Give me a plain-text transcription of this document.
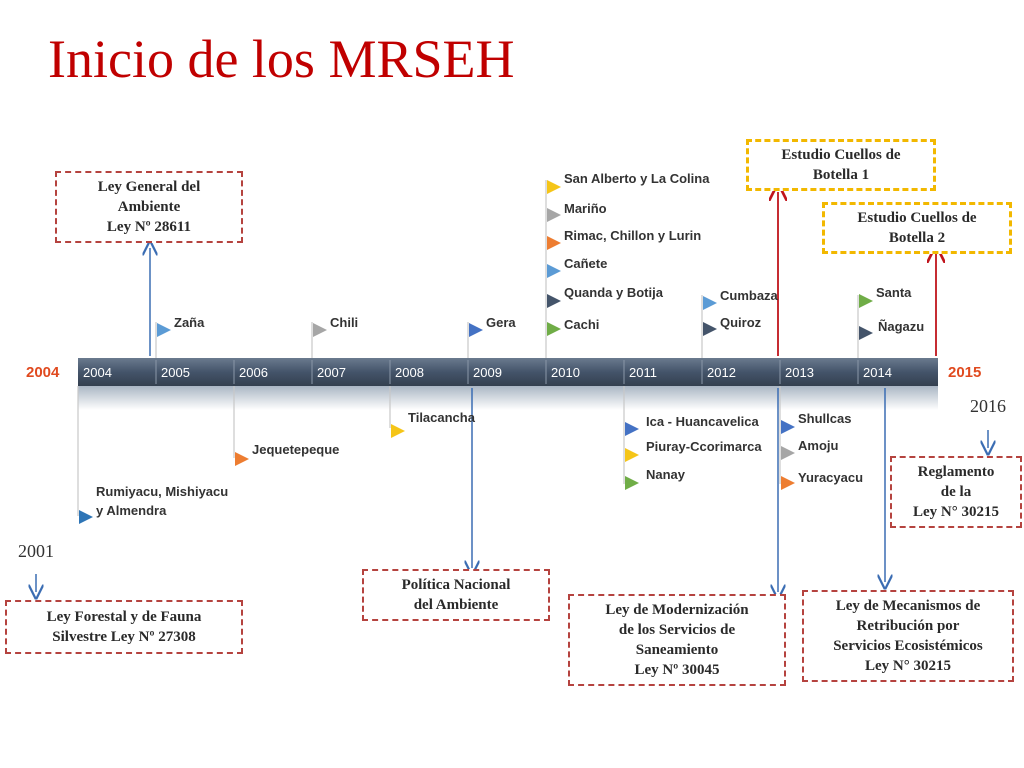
Inicio de los MRSEH
2004	2005	2006	2007	2008	2009	2010	2011	2012	2013	2014
2004	2015
2001
2016
Zaña	Chili	Gera
San Alberto y La Colina
Mariño
Rimac, Chillon y Lurin
Cañete
Quanda y Botija
Cachi
Cumbaza
Quiroz
Santa
Ñagazu
Tilacancha
Jequetepeque
Rumiyacu, Mishiyacu
y Almendra
Ica - Huancavelica
Piuray-Ccorimarca
Nanay
Shullcas
Amoju
Yuracyacu
Ley General del
Ambiente
Ley Nº 28611
Estudio Cuellos de
Botella 1
Estudio Cuellos de
Botella 2
Reglamento
de la
Ley N° 30215
Ley Forestal y de Fauna
Silvestre Ley Nº 27308
Política Nacional
del Ambiente	Ley de Modernización
de los Servicios de
Saneamiento
Ley Nº 30045
Ley de Mecanismos de
Retribución por
Servicios Ecosistémicos
Ley N° 30215
